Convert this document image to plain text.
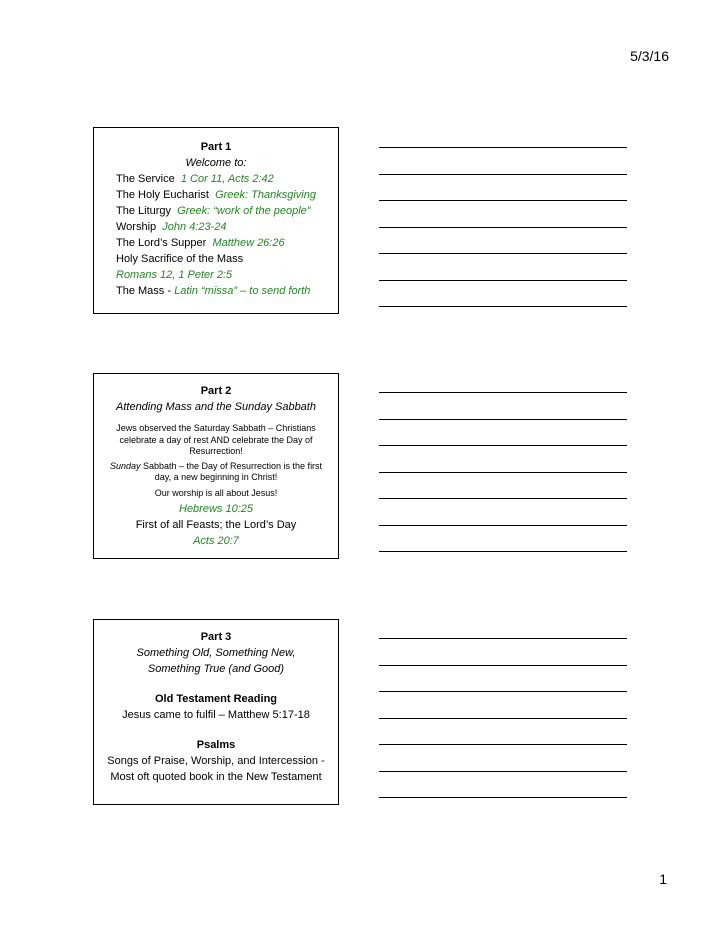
5/3/16
Part 1
Welcome to:
The Service 1 Cor 11, Acts 2:42
The Holy Eucharist Greek: Thanksgiving
The Liturgy Greek: “work of the people”
Worship John 4:23-24
The Lord’s Supper Matthew 26:26
Holy Sacrifice of the Mass
Romans 12, 1 Peter 2:5
The Mass - Latin “missa” – to send forth
Part 2
Attending Mass and the Sunday Sabbath
Jews observed the Saturday Sabbath – Christians celebrate a day of rest AND celebrate the Day of Resurrection!
Sunday Sabbath – the Day of Resurrection is the first day, a new beginning in Christ!
Our worship is all about Jesus!
Hebrews 10:25
First of all Feasts; the Lord’s Day
Acts 20:7
Part 3
Something Old, Something New,
Something True (and Good)
Old Testament Reading
Jesus came to fulfil – Matthew 5:17-18
Psalms
Songs of Praise, Worship, and Intercession - Most oft quoted book in the New Testament
1
